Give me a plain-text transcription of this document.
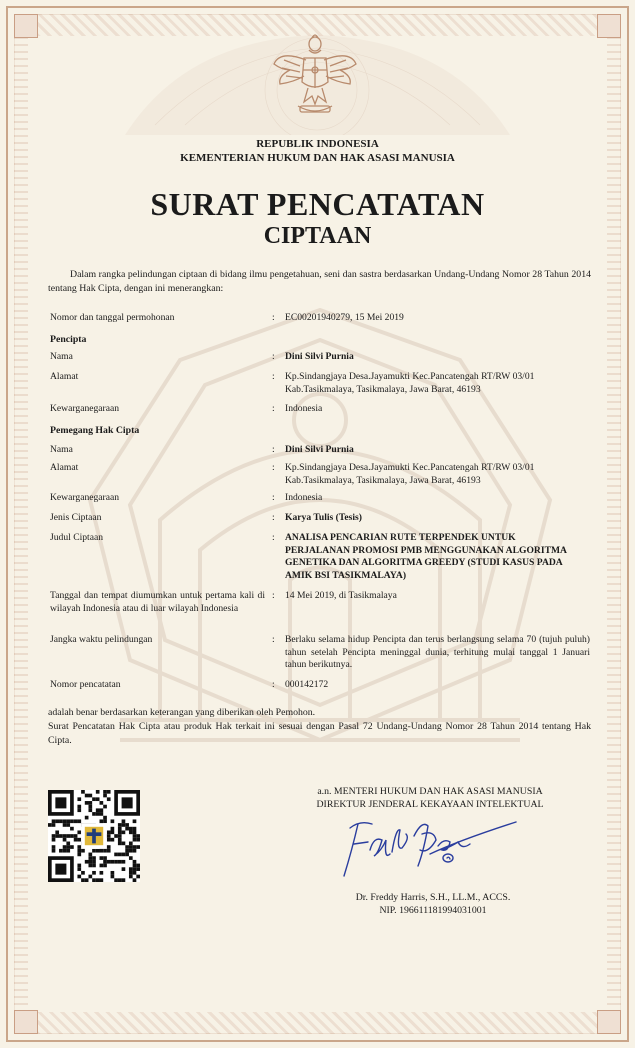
REPUBLIK INDONESIA
KEMENTERIAN HUKUM DAN HAK ASASI MANUSIA
SURAT PENCATATAN
CIPTAAN
Dalam rangka pelindungan ciptaan di bidang ilmu pengetahuan, seni dan sastra berdasarkan Undang-Undang Nomor 28 Tahun 2014 tentang Hak Cipta, dengan ini menerangkan:
Nomor dan tanggal permohonan	: EC00201940279, 15 Mei 2019
Pencipta
Nama	: Dini Silvi Purnia
Alamat	: Kp.Sindangjaya Desa.Jayamukti Kec.Pancatengah RT/RW 03/01 Kab.Tasikmalaya, Tasikmalaya, Jawa Barat, 46193
Kewarganegaraan	: Indonesia
Pemegang Hak Cipta
Nama	: Dini Silvi Purnia
Alamat	: Kp.Sindangjaya Desa.Jayamukti Kec.Pancatengah RT/RW 03/01 Kab.Tasikmalaya, Tasikmalaya, Jawa Barat, 46193
Kewarganegaraan	: Indonesia
Jenis Ciptaan	: Karya Tulis (Tesis)
Judul Ciptaan	: ANALISA PENCARIAN RUTE TERPENDEK UNTUK PERJALANAN PROMOSI PMB MENGGUNAKAN ALGORITMA GENETIKA DAN ALGORITMA GREEDY (STUDI KASUS PADA AMIK BSI TASIKMALAYA)
Tanggal dan tempat diumumkan untuk pertama kali di wilayah Indonesia atau di luar wilayah Indonesia
: 14 Mei 2019, di Tasikmalaya
Jangka waktu pelindungan	: Berlaku selama hidup Pencipta dan terus berlangsung selama 70 (tujuh puluh) tahun setelah Pencipta meninggal dunia, terhitung mulai tanggal 1 Januari tahun berikutnya.
Nomor pencatatan	: 000142172
adalah benar berdasarkan keterangan yang diberikan oleh Pemohon.
Surat Pencatatan Hak Cipta atau produk Hak terkait ini sesuai dengan Pasal 72 Undang-Undang Nomor 28 Tahun 2014 tentang Hak Cipta.
a.n. MENTERI HUKUM DAN HAK ASASI MANUSIA
DIREKTUR JENDERAL KEKAYAAN INTELEKTUAL
Dr. Freddy Harris, S.H., LL.M., ACCS.
NIP. 196611181994031001
